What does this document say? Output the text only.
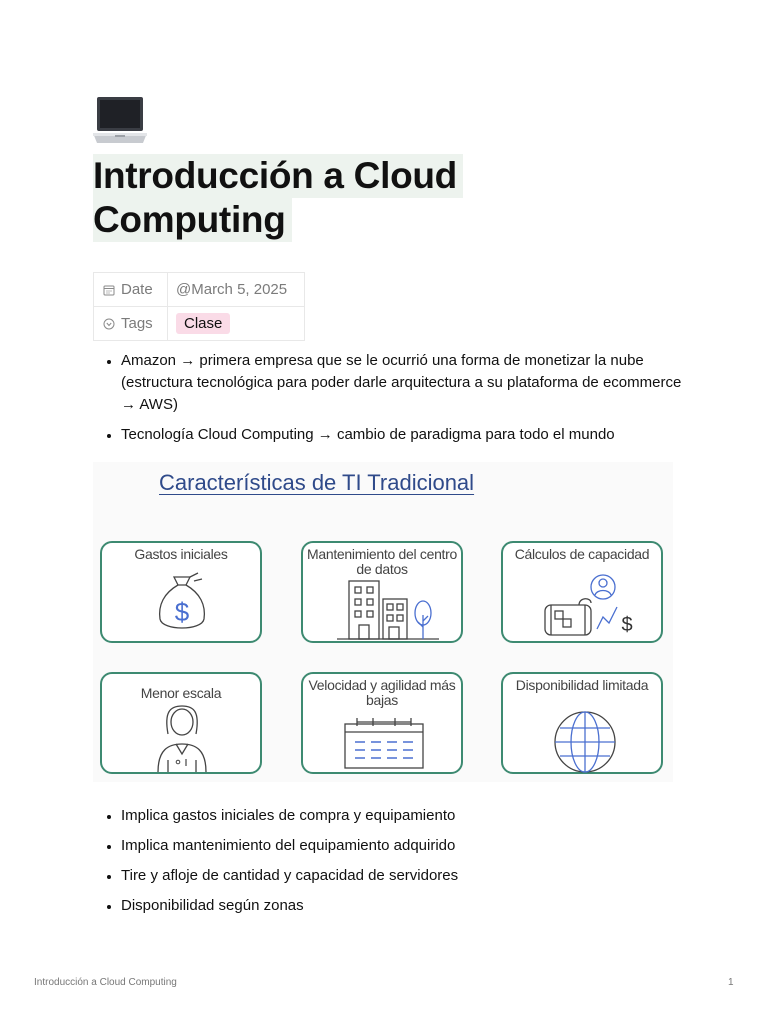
Introducción a Cloud
Computing
Date	@March 5, 2025
Tags	Clase
• Amazon → primera empresa que se le ocurrió una forma de monetizar la nube (estructura tecnológica para poder darle arquitectura a su plataforma de ecommerce → AWS)
• Tecnología Cloud Computing → cambio de paradigma para todo el mundo
Características de TI Tradicional
Gastos iniciales
$
Mantenimiento del centro de datos
Cálculos de capacidad
$
Menor escala	Velocidad y agilidad más bajas
Disponibilidad limitada
• Implica gastos iniciales de compra y equipamiento
• Implica mantenimiento del equipamiento adquirido
• Tire y afloje de cantidad y capacidad de servidores
• Disponibilidad según zonas
Introducción a Cloud Computing	1
